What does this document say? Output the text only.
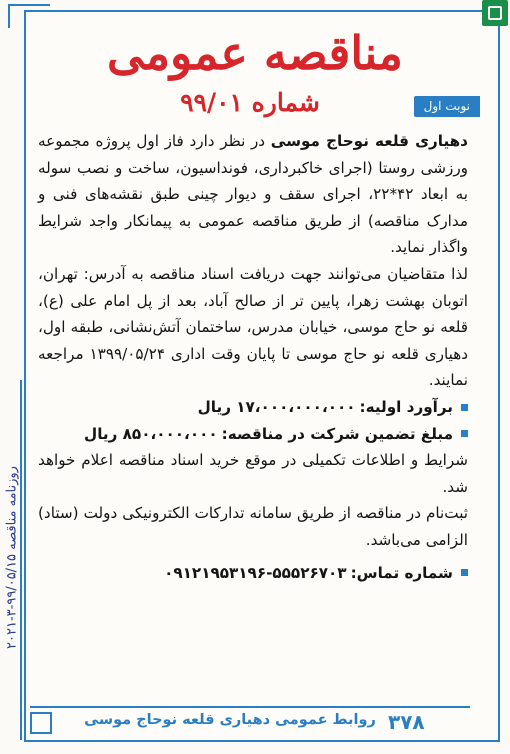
روزنامه مناقصه ۹۹/۰۵/۱۵-۳-۲۰۲۱
مناقصه عمومی
نوبت اول
شماره ۹۹/۰۱

دهیاری قلعه نوحاج موسی در نظر دارد فاز اول پروژه مجموعه ورزشی روستا (اجرای خاکبرداری، فونداسیون، ساخت و نصب سوله به ابعاد ۴۲*۲۲، اجرای سقف و دیوار چینی طبق نقشه‌های فنی و مدارک مناقصه) از طریق مناقصه عمومی به پیمانکار واجد شرایط واگذار نماید.

لذا متقاضیان می‌توانند جهت دریافت اسناد مناقصه به آدرس: تهران، اتوبان بهشت زهرا، پایین تر از صالح آباد، بعد از پل امام علی (ع)، قلعه نو حاج موسی، خیابان مدرس، ساختمان آتش‌نشانی، طبقه اول، دهیاری قلعه نو حاج موسی تا پایان وقت اداری ۱۳۹۹/۰۵/۲۴ مراجعه نمایند.

برآورد اولیه:
۱۷،۰۰۰،۰۰۰،۰۰۰ ریال
مبلغ تضمین شرکت در مناقصه:
۸۵۰،۰۰۰،۰۰۰ ریال

شرایط و اطلاعات تکمیلی در موقع خرید اسناد مناقصه اعلام خواهد شد.

ثبت‌نام در مناقصه از طریق سامانه تدارکات الکترونیکی دولت (ستاد) الزامی می‌باشد.

شماره تماس:
۰۹۱۲۱۹۵۳۱۹۶-۵۵۵۲۶۷۰۳
روابط عمومی دهیاری قلعه نوحاج موسی ٣٧٨
